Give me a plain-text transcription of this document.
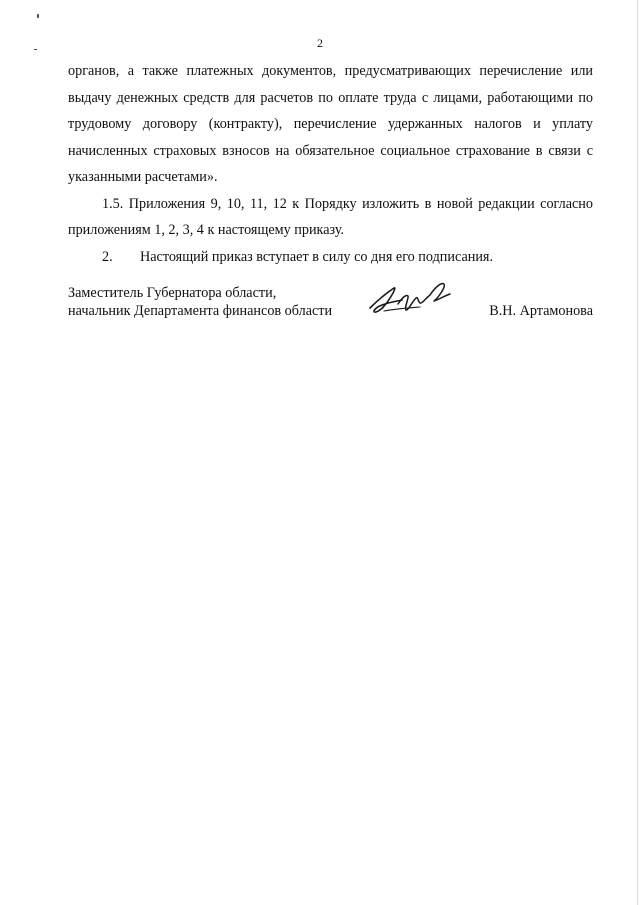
2

органов, а также платежных документов, предусматривающих перечисление или выдачу денежных средств для расчетов по оплате труда с лицами, работающими по трудовому договору (контракту), перечисление удержанных налогов и уплату начисленных страховых взносов на обязательное социальное страхование в связи с указанными расчетами».

1.5. Приложения 9, 10, 11, 12 к Порядку изложить в новой редакции согласно приложениям 1, 2, 3, 4 к настоящему приказу.

2. Настоящий приказ вступает в силу со дня его подписания.

Заместитель Губернатора области,
начальник Департамента финансов области	В.Н. Артамонова
